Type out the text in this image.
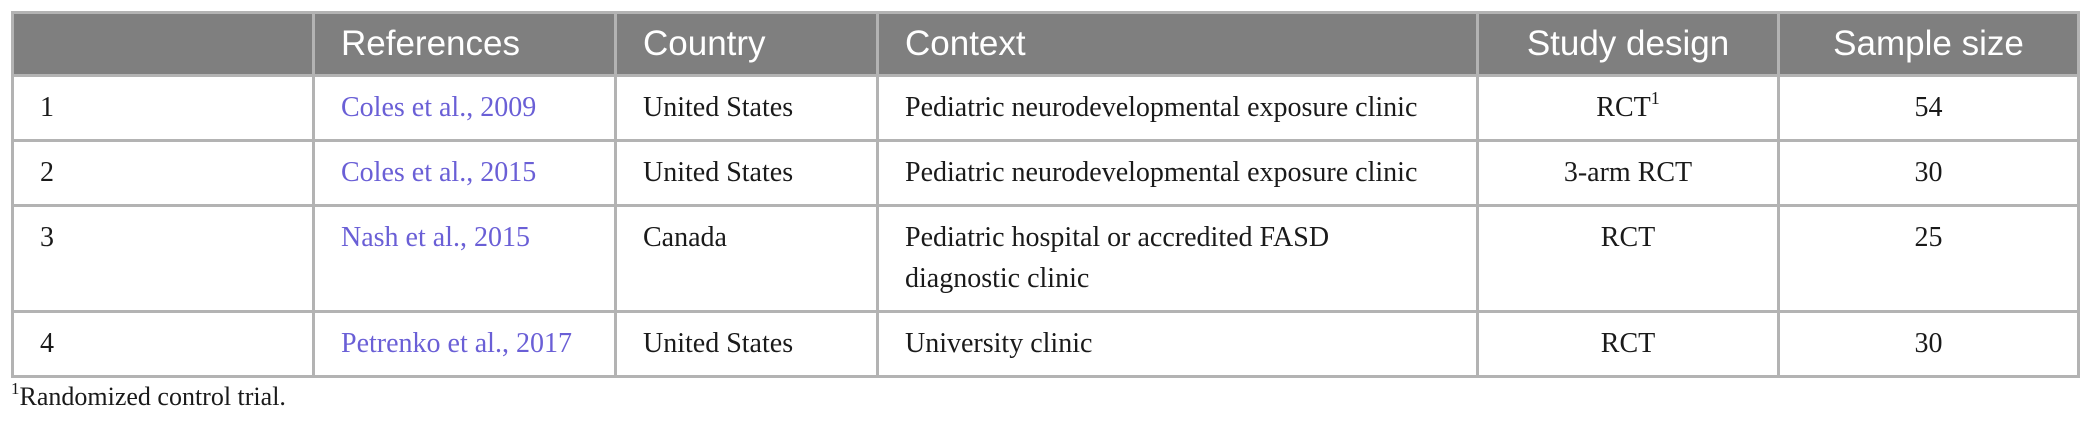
	References	Country	Context	Study design	Sample size
1	Coles et al., 2009	United States	Pediatric neurodevelopmental exposure clinic	RCT$^1$	54
2	Coles et al., 2015	United States	Pediatric neurodevelopmental exposure clinic	3-arm RCT	30
3	Nash et al., 2015	Canada	Pediatric hospital or accredited FASD diagnostic clinic	RCT	25
4	Petrenko et al., 2017	United States	University clinic	RCT	30
$^1$Randomized control trial.
